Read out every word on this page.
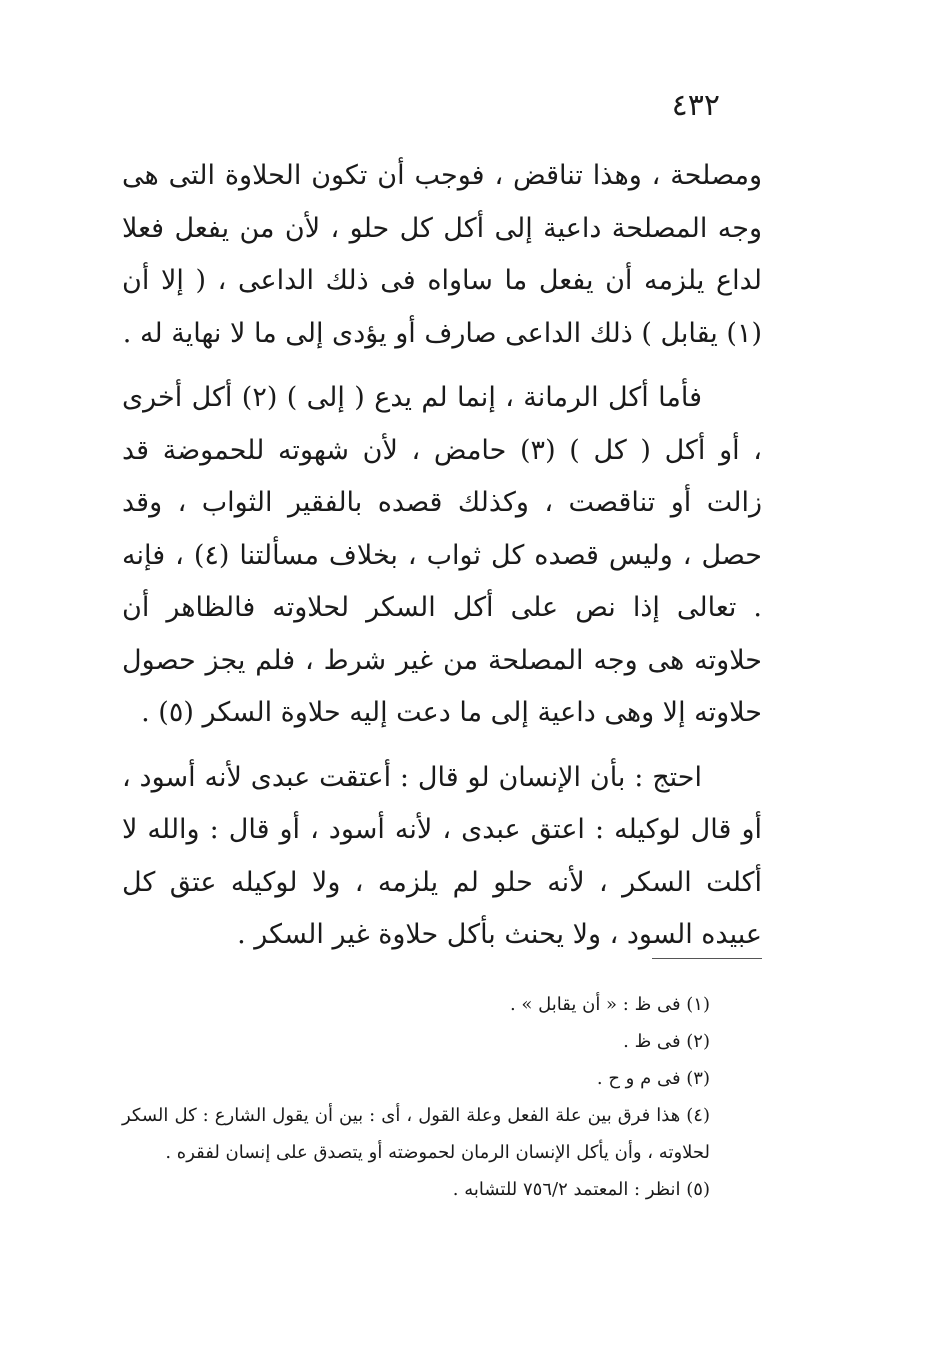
٤٣٢

ومصلحة ، وهذا تناقض ، فوجب أن تكون الحلاوة التى هى وجه المصلحة داعية إلى أكل كل حلو ، لأن من يفعل فعلا لداع يلزمه أن يفعل ما ساواه فى ذلك الداعى ، ( إلا أن (١) يقابل ) ذلك الداعى صارف أو يؤدى إلى ما لا نهاية له .

فأما أكل الرمانة ، إنما لم يدع ( إلى ) (٢) أكل أخرى ، أو أكل ( كل ) (٣) حامض ، لأن شهوته للحموضة قد زالت أو تناقصت ، وكذلك قصده بالفقير الثواب ، وقد حصل ، وليس قصده كل ثواب ، بخلاف مسألتنا (٤) ، فإنه . تعالى إذا نص على أكل السكر لحلاوته فالظاهر أن حلاوته هى وجه المصلحة من غير شرط ، فلم يجز حصول حلاوته إلا وهى داعية إلى ما دعت إليه حلاوة السكر (٥) .

احتج : بأن الإنسان لو قال : أعتقت عبدى لأنه أسود ، أو قال لوكيله : اعتق عبدى ، لأنه أسود ، أو قال : والله لا أكلت السكر ، لأنه حلو لم يلزمه ، ولا لوكيله عتق كل عبيده السود ، ولا يحنث بأكل حلاوة غير السكر .

(١) فى ظ : « أن يقابل » .

(٢) فى ظ .

(٣) فى م و ح .

(٤) هذا فرق بين علة الفعل وعلة القول ، أى : بين أن يقول الشارع : كل السكر لحلاوته ، وأن يأكل الإنسان الرمان لحموضته أو يتصدق على إنسان لفقره .

(٥) انظر : المعتمد ٧٥٦/٢ للتشابه .
